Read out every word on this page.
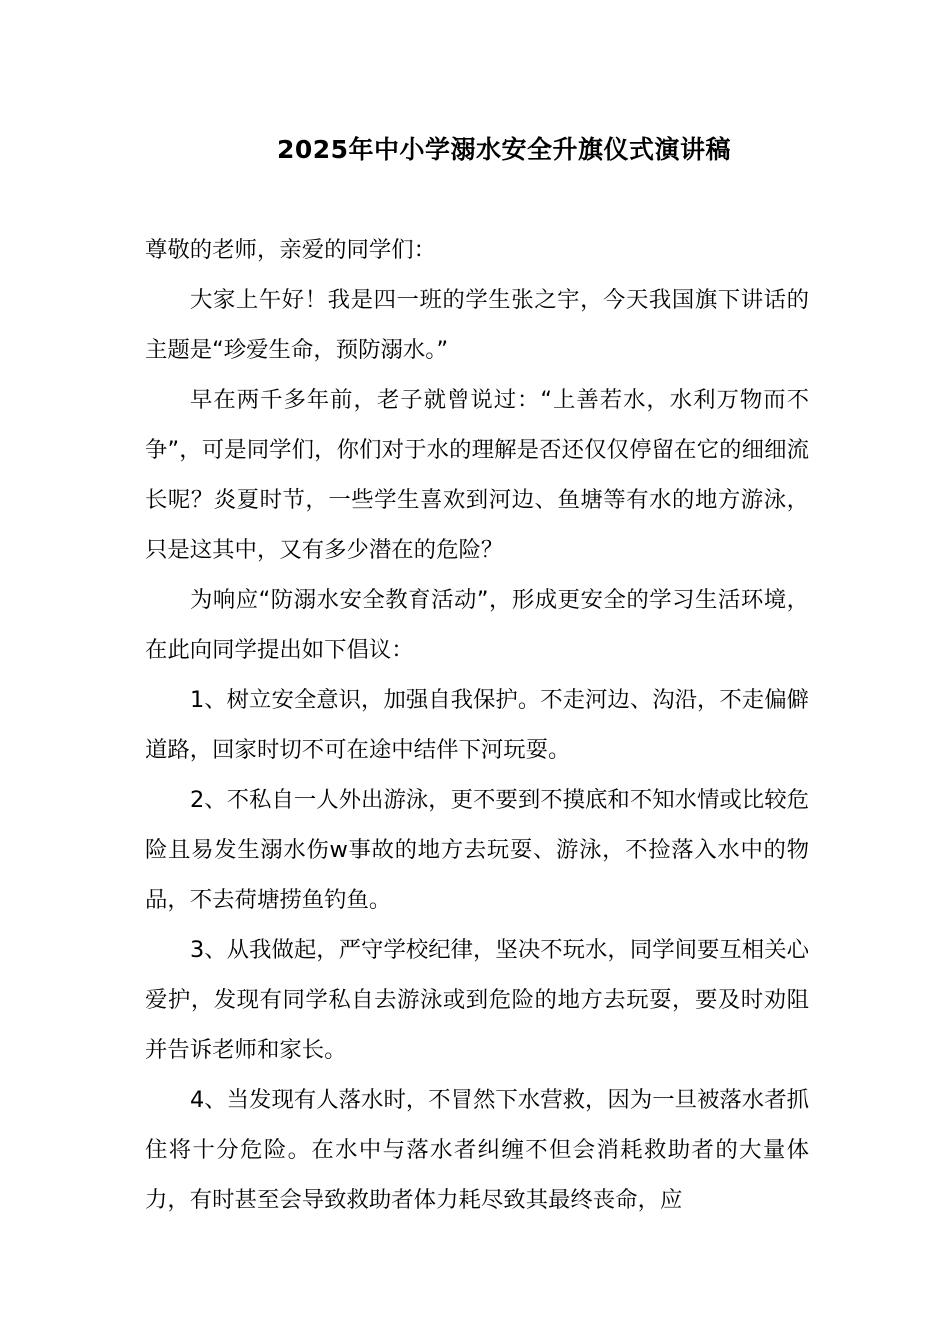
2025年中小学溺水安全升旗仪式演讲稿

尊敬的老师，亲爱的同学们：

大家上午好！我是四一班的学生张之宇，今天我国旗下讲话的主题是“珍爱生命，预防溺水。”

早在两千多年前，老子就曾说过：“上善若水，水利万物而不争”，可是同学们，你们对于水的理解是否还仅仅停留在它的细细流长呢？炎夏时节，一些学生喜欢到河边、鱼塘等有水的地方游泳，只是这其中，又有多少潜在的危险？

为响应“防溺水安全教育活动”，形成更安全的学习生活环境，在此向同学提出如下倡议：

1、树立安全意识，加强自我保护。不走河边、沟沿，不走偏僻道路，回家时切不可在途中结伴下河玩耍。

2、不私自一人外出游泳，更不要到不摸底和不知水情或比较危险且易发生溺水伤w事故的地方去玩耍、游泳，不捡落入水中的物品，不去荷塘捞鱼钓鱼。

3、从我做起，严守学校纪律，坚决不玩水，同学间要互相关心爱护，发现有同学私自去游泳或到危险的地方去玩耍，要及时劝阻并告诉老师和家长。

4、当发现有人落水时，不冒然下水营救，因为一旦被落水者抓住将十分危险。在水中与落水者纠缠不但会消耗救助者的大量体力，有时甚至会导致救助者体力耗尽致其最终丧命，应
